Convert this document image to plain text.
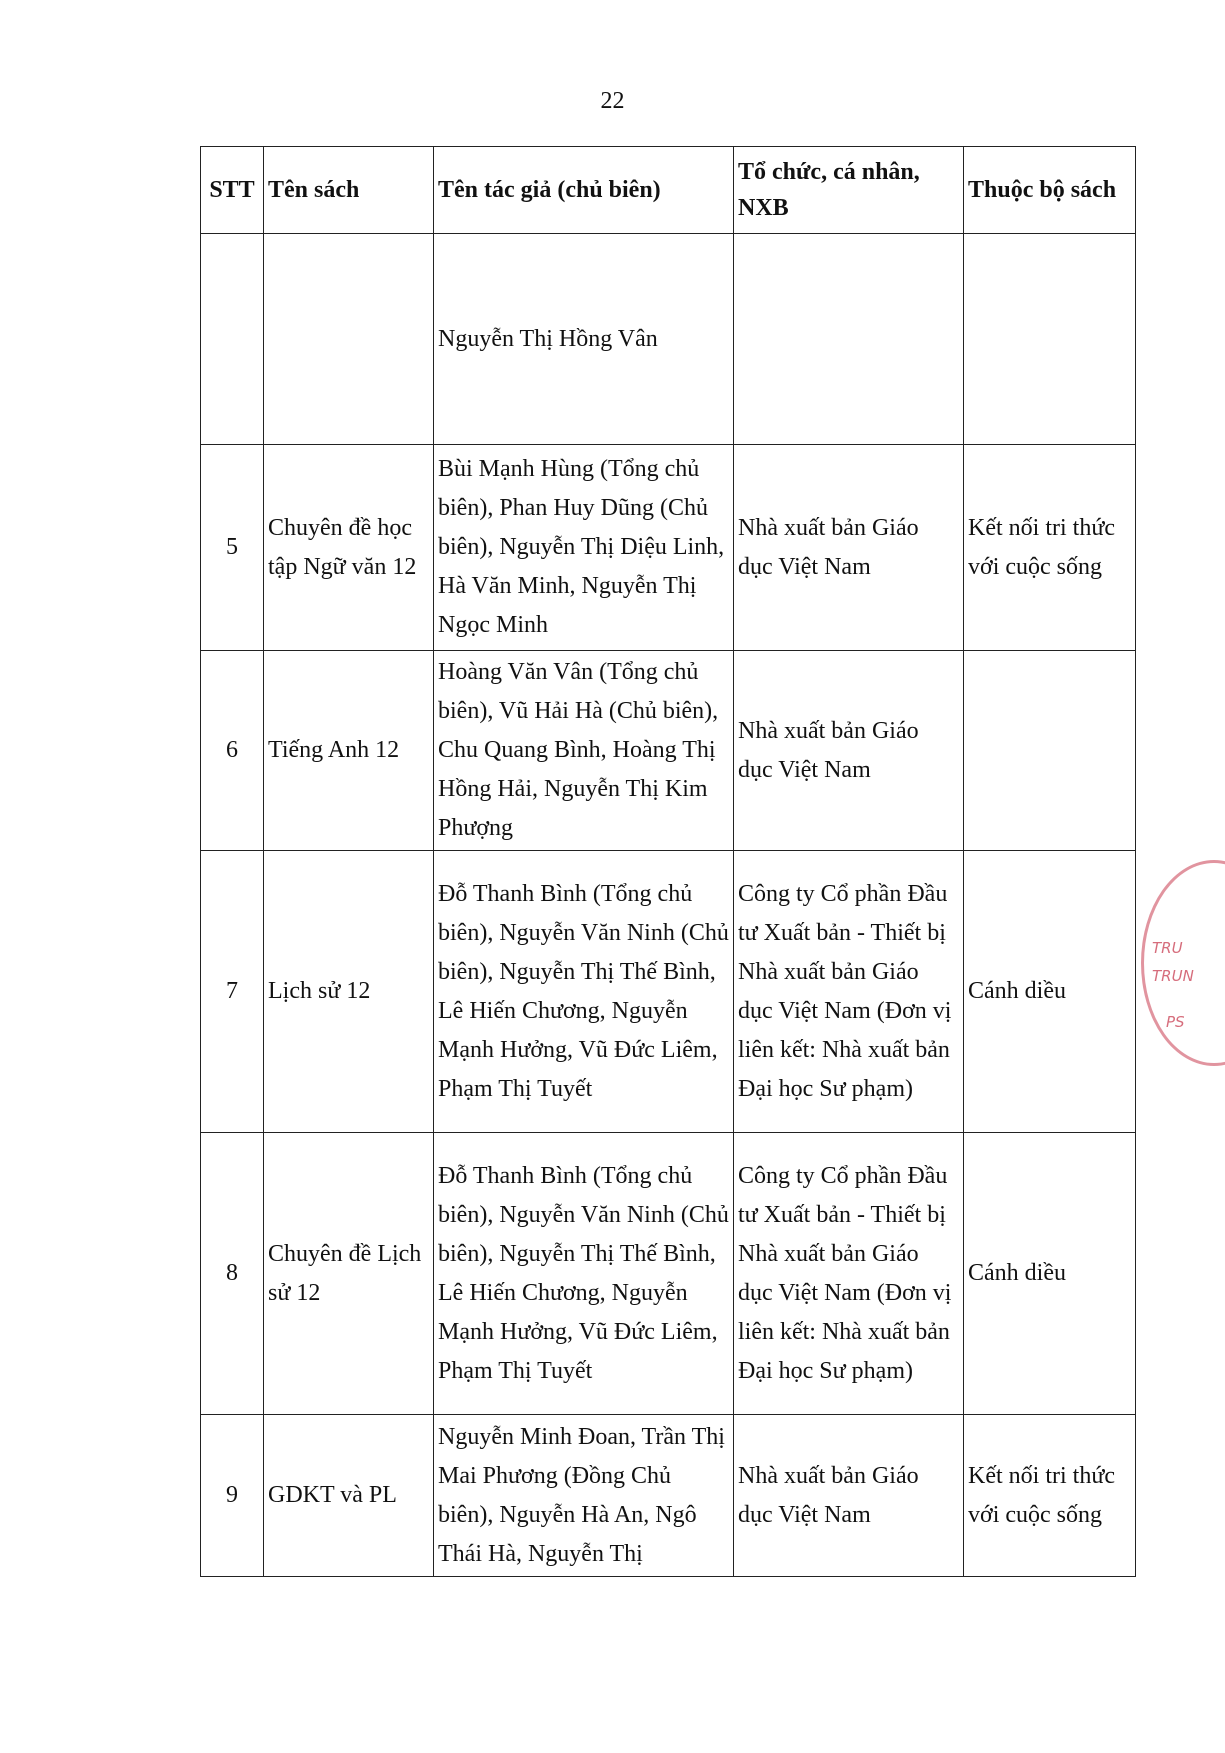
22
STT	Tên sách	Tên tác giả (chủ biên)	Tổ chức, cá nhân, NXB	Thuộc bộ sách
		Nguyễn Thị Hồng Vân		
5	Chuyên đề học tập Ngữ văn 12	Bùi Mạnh Hùng (Tổng chủ biên), Phan Huy Dũng (Chủ biên), Nguyễn Thị Diệu Linh, Hà Văn Minh, Nguyễn Thị Ngọc Minh	Nhà xuất bản Giáo dục Việt Nam	Kết nối tri thức với cuộc sống
6	Tiếng Anh 12	Hoàng Văn Vân (Tổng chủ biên), Vũ Hải Hà (Chủ biên), Chu Quang Bình, Hoàng Thị Hồng Hải, Nguyễn Thị Kim Phượng	Nhà xuất bản Giáo dục Việt Nam	
7	Lịch sử 12	Đỗ Thanh Bình (Tổng chủ biên), Nguyễn Văn Ninh (Chủ biên), Nguyễn Thị Thế Bình, Lê Hiến Chương, Nguyễn Mạnh Hưởng, Vũ Đức Liêm, Phạm Thị Tuyết	Công ty Cổ phần Đầu tư Xuất bản - Thiết bị Nhà xuất bản Giáo dục Việt Nam (Đơn vị liên kết: Nhà xuất bản Đại học Sư phạm)	Cánh diều
8	Chuyên đề Lịch sử 12	Đỗ Thanh Bình (Tổng chủ biên), Nguyễn Văn Ninh (Chủ biên), Nguyễn Thị Thế Bình, Lê Hiến Chương, Nguyễn Mạnh Hưởng, Vũ Đức Liêm, Phạm Thị Tuyết	Công ty Cổ phần Đầu tư Xuất bản - Thiết bị Nhà xuất bản Giáo dục Việt Nam (Đơn vị liên kết: Nhà xuất bản Đại học Sư phạm)	Cánh diều
9	GDKT và PL	Nguyễn Minh Đoan, Trần Thị Mai Phương (Đồng Chủ biên), Nguyễn Hà An, Ngô Thái Hà, Nguyễn Thị	Nhà xuất bản Giáo dục Việt Nam	Kết nối tri thức với cuộc sống
TRU
TRUN
PS
